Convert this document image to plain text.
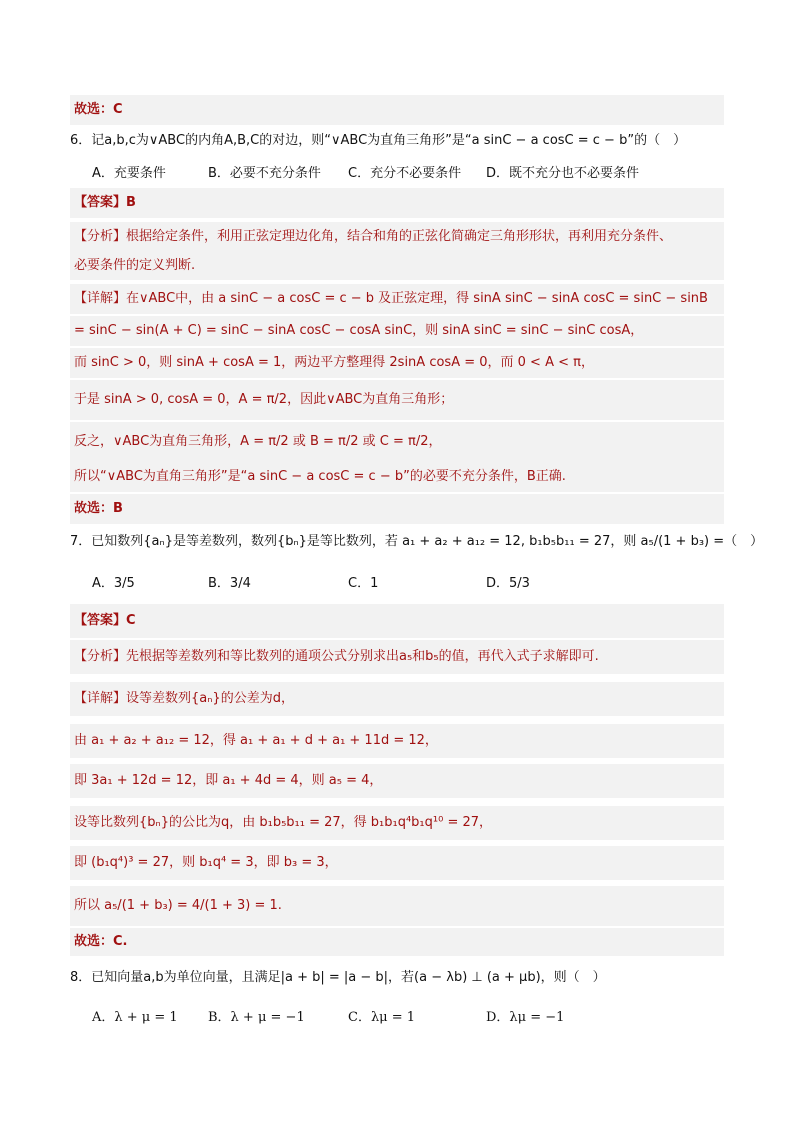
故选：C
6．记a,b,c为∨ABC的内角A,B,C的对边，则“∨ABC为直角三角形”是“a sinC − a cosC = c − b”的（　）
A．充要条件	B．必要不充分条件 C．充分不必要条件 D．既不充分也不必要条件
【答案】B
【分析】根据给定条件，利用正弦定理边化角，结合和角的正弦化简确定三角形形状，再利用充分条件、
必要条件的定义判断.
【详解】在∨ABC中，由 a sinC − a cosC = c − b 及正弦定理，得 sinA sinC − sinA cosC = sinC − sinB
= sinC − sin(A + C) = sinC − sinA cosC − cosA sinC，则 sinA sinC = sinC − sinC cosA，
而 sinC > 0，则 sinA + cosA = 1，两边平方整理得 2sinA cosA = 0，而 0 < A < π，
于是 sinA > 0, cosA = 0，A = π/2，因此∨ABC为直角三角形；
反之，∨ABC为直角三角形，A = π/2 或 B = π/2 或 C = π/2，
所以“∨ABC为直角三角形”是“a sinC − a cosC = c − b”的必要不充分条件，B正确.
故选：B
7．已知数列{aₙ}是等差数列，数列{bₙ}是等比数列，若 a₁ + a₂ + a₁₂ = 12, b₁b₅b₁₁ = 27，则 a₅/(1 + b₃) =（　）
A．3/5	B．3/4	C．1	D．5/3
【答案】C
【分析】先根据等差数列和等比数列的通项公式分别求出a₅和b₅的值，再代入式子求解即可.
【详解】设等差数列{aₙ}的公差为d，
由 a₁ + a₂ + a₁₂ = 12，得 a₁ + a₁ + d + a₁ + 11d = 12，
即 3a₁ + 12d = 12，即 a₁ + 4d = 4，则 a₅ = 4，
设等比数列{bₙ}的公比为q，由 b₁b₅b₁₁ = 27，得 b₁b₁q⁴b₁q¹⁰ = 27，
即 (b₁q⁴)³ = 27，则 b₁q⁴ = 3，即 b₃ = 3，
所以 a₅/(1 + b₃) = 4/(1 + 3) = 1.
故选：C.
8．已知向量a,b为单位向量，且满足|a + b| = |a − b|，若(a − λb) ⊥ (a + μb)，则（　）
A．λ + μ = 1 B．λ + μ = −1	C．λμ = 1	D．λμ = −1
